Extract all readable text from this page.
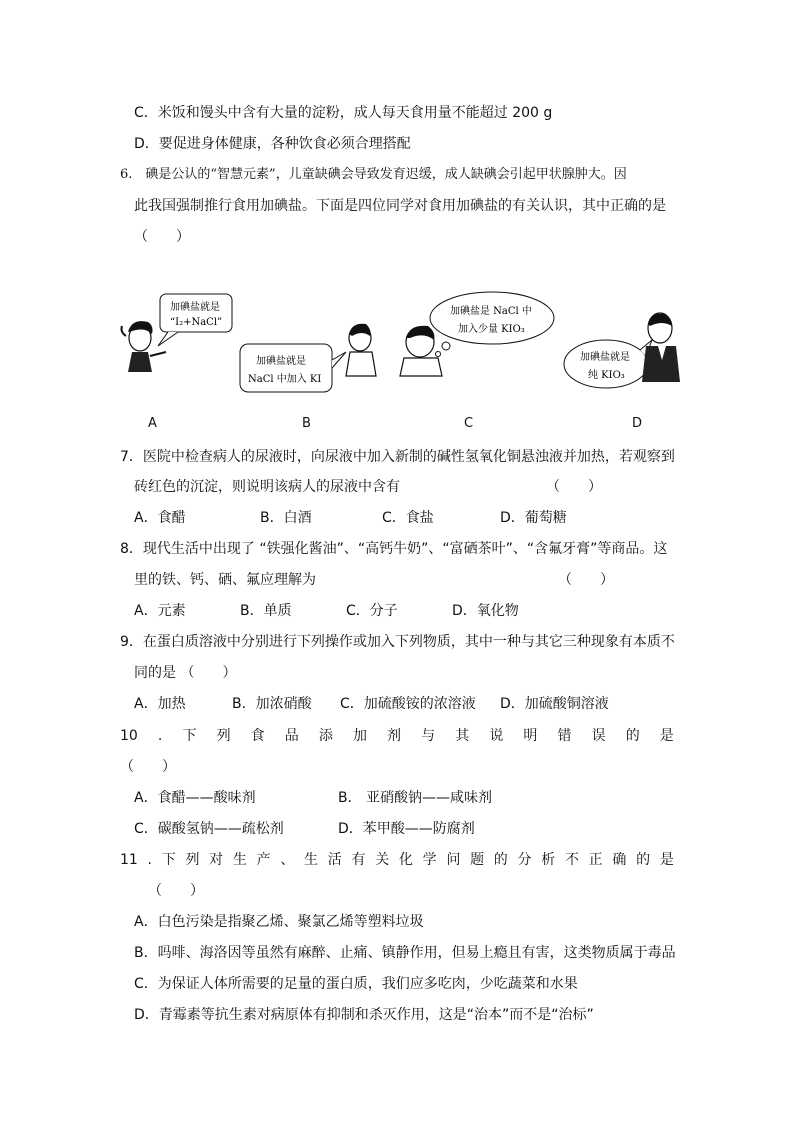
C．米饭和馒头中含有大量的淀粉，成人每天食用量不能超过 200 g
D．要促进身体健康，各种饮食必须合理搭配
6.　碘是公认的“智慧元素”，儿童缺碘会导致发育迟缓，成人缺碘会引起甲状腺肿大。因
此我国强制推行食用加碘盐。下面是四位同学对食用加碘盐的有关认识，其中正确的是
（　　）
加碘盐就是
“I₂+NaCl”
加碘盐就是
NaCl 中加入 KI
加碘盐是 NaCl 中
加入少量 KIO₃
加碘盐就是
纯 KIO₃
A	B	C	D
7．医院中检查病人的尿液时，向尿液中加入新制的碱性氢氧化铜悬浊液并加热，若观察到
砖红色的沉淀，则说明该病人的尿液中含有	（　　）
A．食醋	B．白酒	C．食盐	D．葡萄糖
8．现代生活中出现了 “铁强化酱油”、“高钙牛奶”、“富硒茶叶”、“含氟牙膏”等商品。这
里的铁、钙、硒、氟应理解为	（　　）
A．元素	B．单质	C．分子	D．氧化物
9．在蛋白质溶液中分别进行下列操作或加入下列物质，其中一种与其它三种现象有本质不
同的是 （　　）
A．加热	B．加浓硝酸 C．加硫酸铵的浓溶液 D．加硫酸铜溶液
10 . 下 列 食 品 添 加 剂 与 其 说 明 错 误 的 是
（　　）
A．食醋——酸味剂	B． 亚硝酸钠——咸味剂
C．碳酸氢钠——疏松剂	D．苯甲酸——防腐剂
11 . 下 列 对 生 产 、 生 活 有 关 化 学 问 题 的 分 析 不 正 确 的 是
（　　）
A．白色污染是指聚乙烯、聚氯乙烯等塑料垃圾
B．吗啡、海洛因等虽然有麻醉、止痛、镇静作用，但易上瘾且有害，这类物质属于毒品
C．为保证人体所需要的足量的蛋白质，我们应多吃肉，少吃蔬菜和水果
D．青霉素等抗生素对病原体有抑制和杀灭作用，这是“治本”而不是“治标”
